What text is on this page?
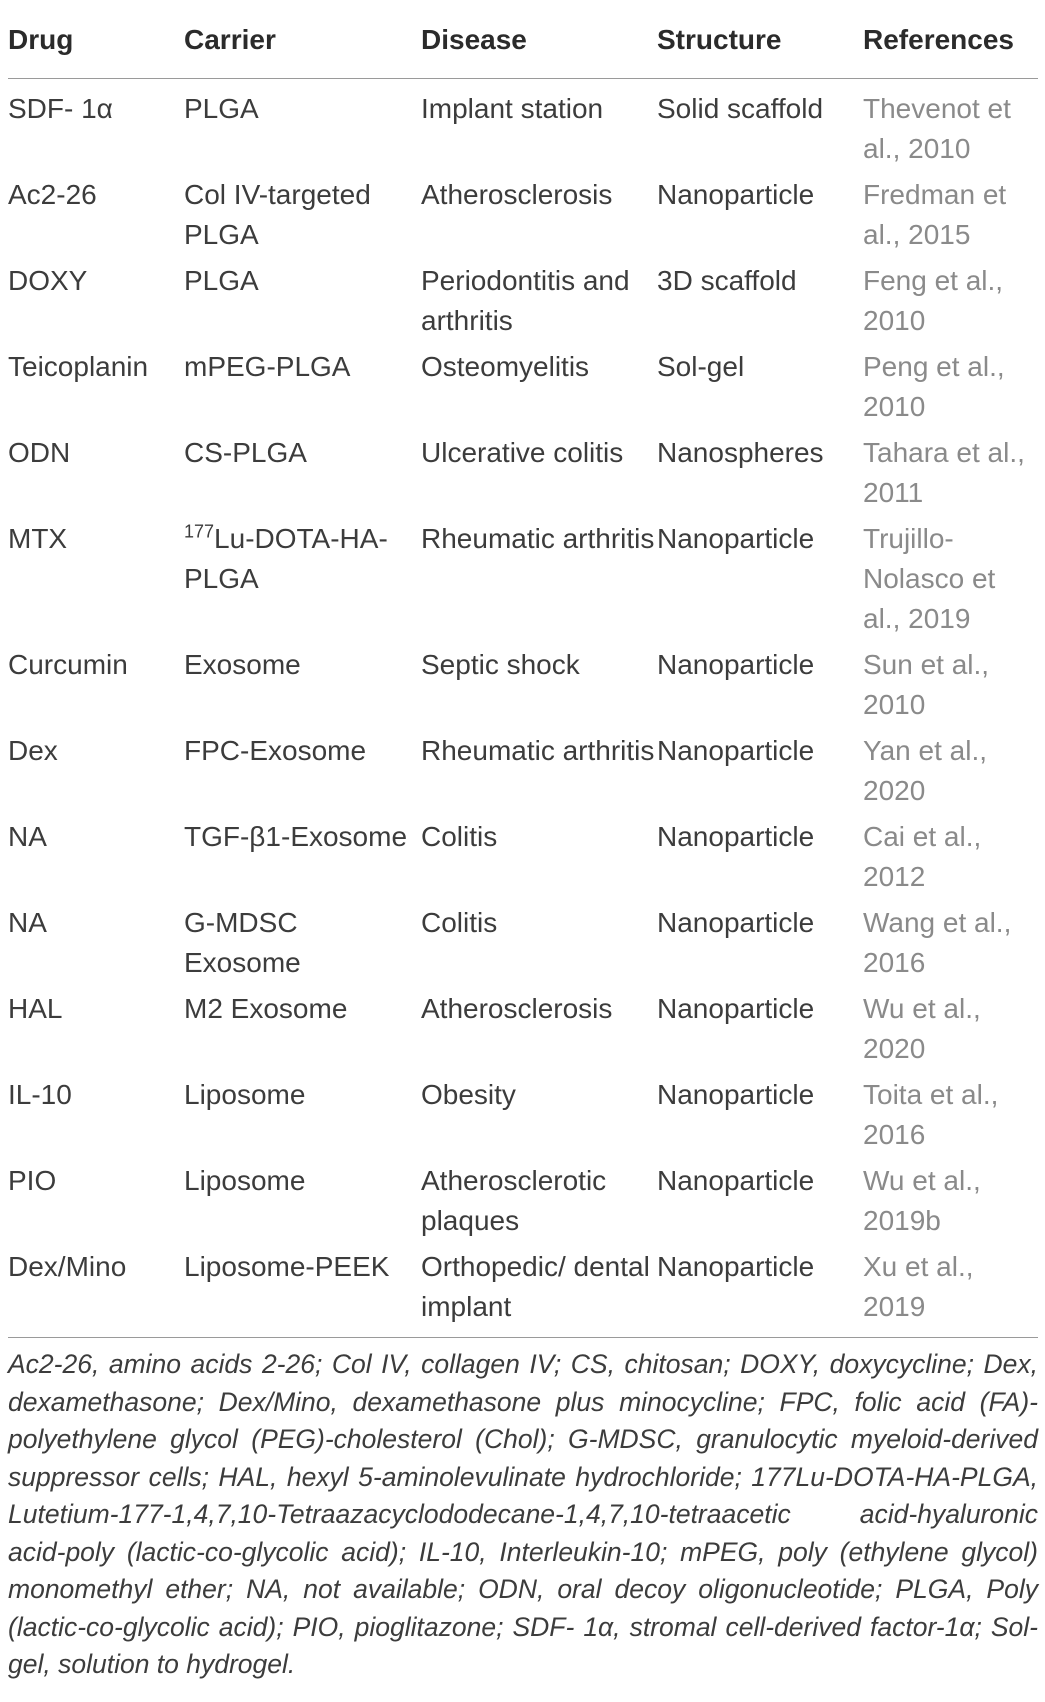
Drug	Carrier	Disease	Structure	References
SDF- 1α	PLGA	Implant station	Solid scaffold	Thevenot et al., 2010
Ac2-26	Col IV-targeted PLGA	Atherosclerosis	Nanoparticle	Fredman et al., 2015
DOXY	PLGA	Periodontitis and arthritis	3D scaffold	Feng et al., 2010
Teicoplanin	mPEG-PLGA	Osteomyelitis	Sol-gel	Peng et al., 2010
ODN	CS-PLGA	Ulcerative colitis	Nanospheres	Tahara et al., 2011
MTX	$^{177}$Lu-DOTA-HA-PLGA	Rheumatic arthritis	Nanoparticle	Trujillo-Nolasco et al., 2019
Curcumin	Exosome	Septic shock	Nanoparticle	Sun et al., 2010
Dex	FPC-Exosome	Rheumatic arthritis	Nanoparticle	Yan et al., 2020
NA	TGF-β1-Exosome	Colitis	Nanoparticle	Cai et al., 2012
NA	G-MDSC Exosome	Colitis	Nanoparticle	Wang et al., 2016
HAL	M2 Exosome	Atherosclerosis	Nanoparticle	Wu et al., 2020
IL-10	Liposome	Obesity	Nanoparticle	Toita et al., 2016
PIO	Liposome	Atherosclerotic plaques	Nanoparticle	Wu et al., 2019b
Dex/Mino	Liposome-PEEK	Orthopedic/ dental implant	Nanoparticle	Xu et al., 2019
Ac2-26, amino acids 2-26; Col IV, collagen IV; CS, chitosan; DOXY, doxycycline; Dex, dexamethasone; Dex/Mino, dexamethasone plus minocycline; FPC, folic acid (FA)-polyethylene glycol (PEG)-cholesterol (Chol); G-MDSC, granulocytic myeloid-derived suppressor cells; HAL, hexyl 5-aminolevulinate hydrochloride; 177Lu-DOTA-HA-PLGA, Lutetium-177-1,4,7,10-Tetraazacyclododecane-1,4,7,10-tetraacetic acid-hyaluronic acid-poly (lactic-co-glycolic acid); IL-10, Interleukin-10; mPEG, poly (ethylene glycol) monomethyl ether; NA, not available; ODN, oral decoy oligonucleotide; PLGA, Poly (lactic-co-glycolic acid); PIO, pioglitazone; SDF- 1α, stromal cell-derived factor-1α; Sol-gel, solution to hydrogel.
